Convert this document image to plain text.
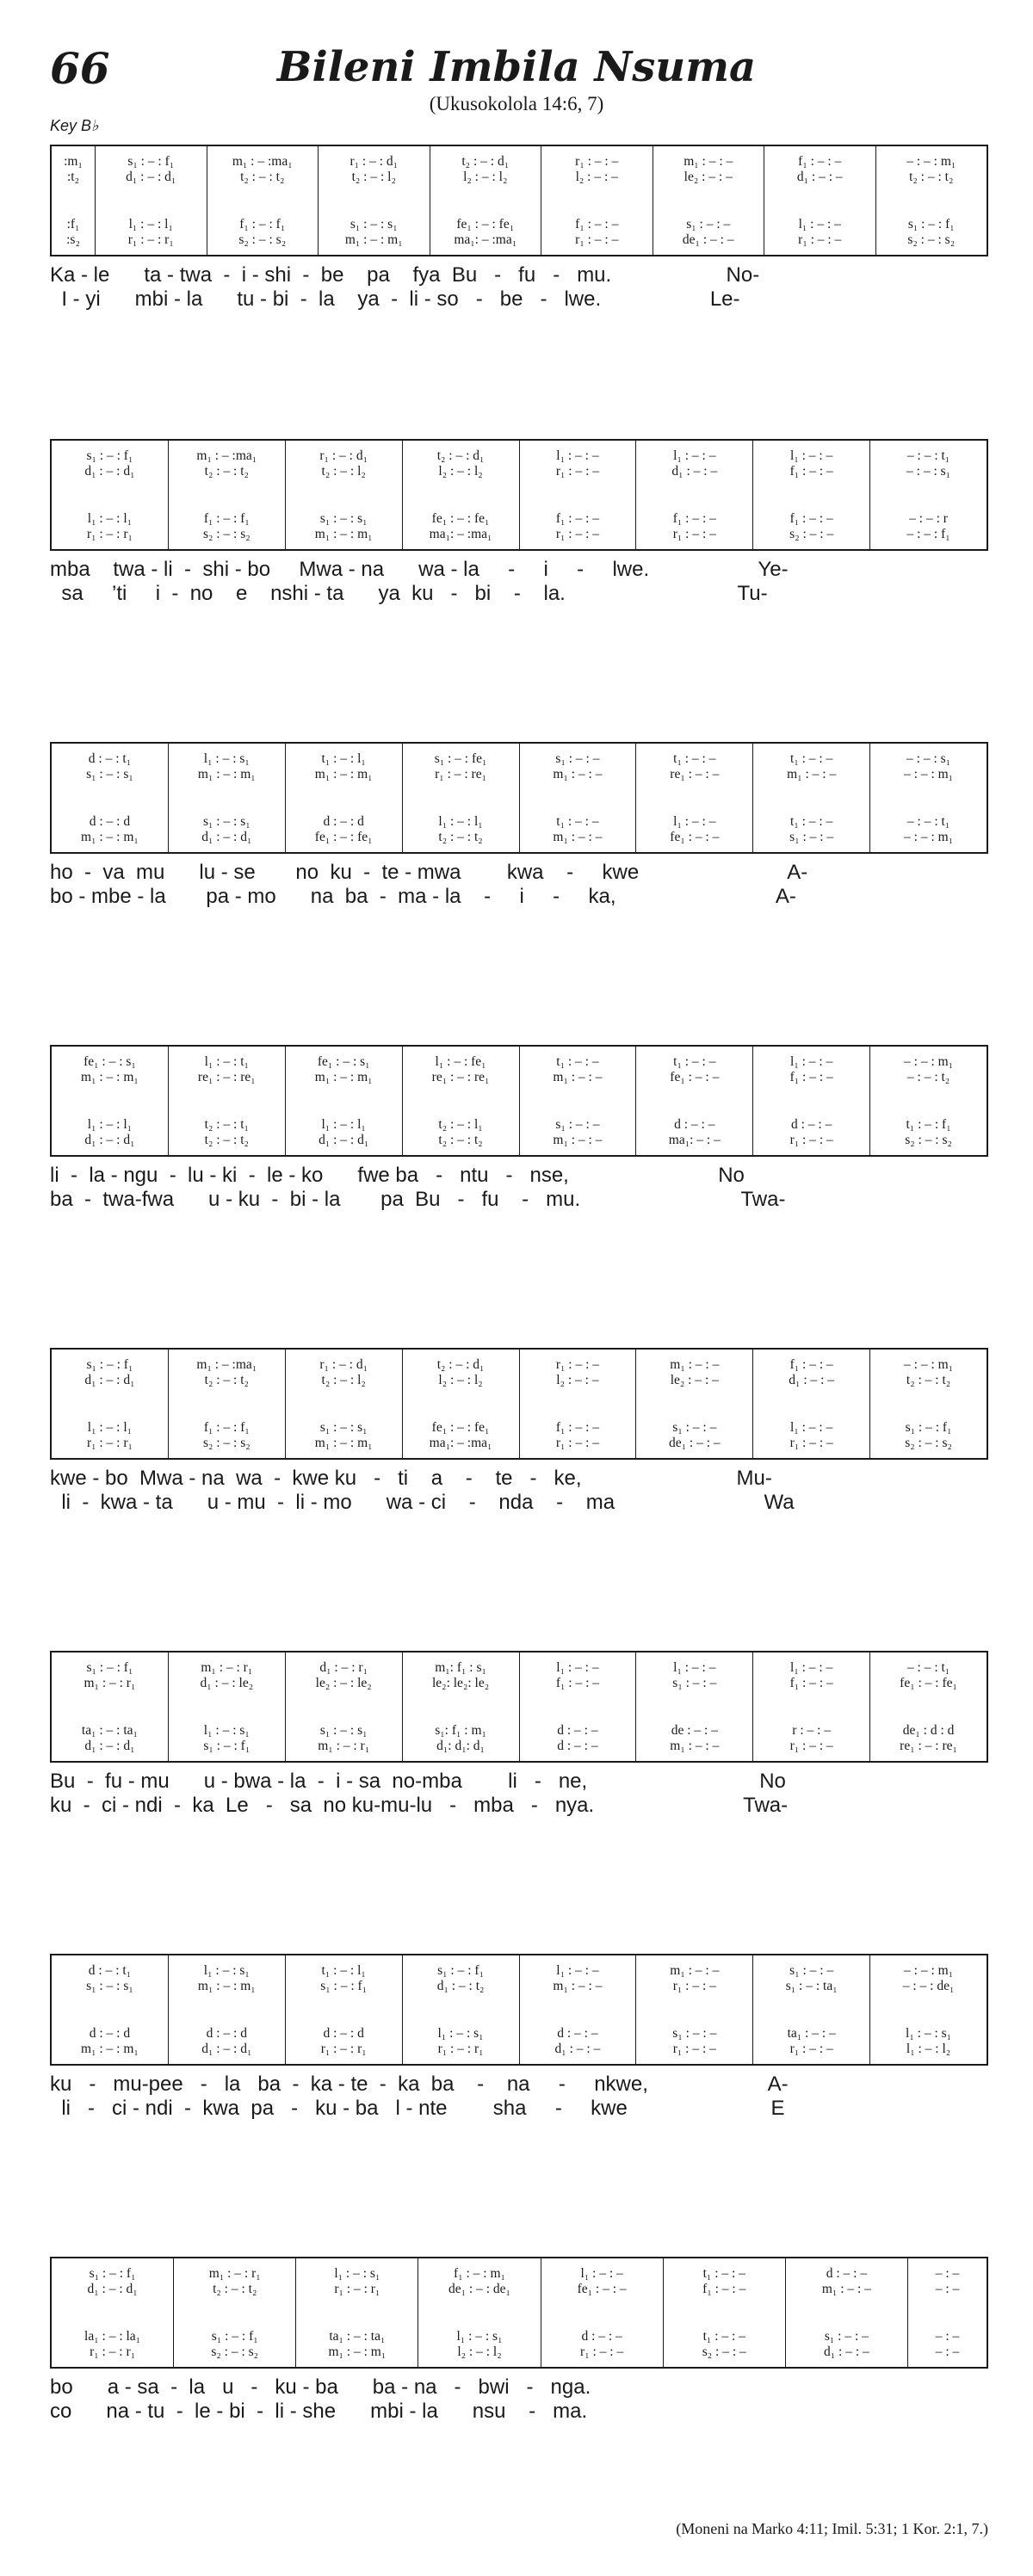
66	Bileni Imbila Nsuma
(Ukusokolola 14:6, 7)
Key B♭
:m₁
:t₂
:f₁
:s₂
s₁ : – : f₁
d₁ : – : d₁
l₁ : – : l₁
r₁ : – : r₁
m₁ : – :ma₁
t₂ : – : t₂
f₁ : – : f₁
s₂ : – : s₂
r₁ : – : d₁
t₂ : – : l₂
s₁ : – : s₁
m₁ : – : m₁
t₂ : – : d₁
l₂ : – : l₂
fe₁ : – : fe₁
ma₁: – :ma₁
r₁ : – : –
l₂ : – : –
f₁ : – : –
r₁ : – : –
m₁ : – : –
le₂ : – : –
s₁ : – : –
de₁ : – : –
f₁ : – : –
d₁ : – : –
l₁ : – : –
r₁ : – : –
– : – : m₁
t₂ : – : t₂
s₁ : – : f₁
s₂ : – : s₂
Ka - le      ta - twa  -  i - shi  -  be    pa    fya  Bu   -   fu   -   mu.                    No-
I - yi      mbi - la      tu - bi  -  la    ya  -  li - so   -   be   -   lwe.                   Le-
s₁ : – : f₁
d₁ : – : d₁
l₁ : – : l₁
r₁ : – : r₁
m₁ : – :ma₁
t₂ : – : t₂
f₁ : – : f₁
s₂ : – : s₂
r₁ : – : d₁
t₂ : – : l₂
s₁ : – : s₁
m₁ : – : m₁
t₂ : – : d₁
l₂ : – : l₂
fe₁ : – : fe₁
ma₁: – :ma₁
l₁ : – : –
r₁ : – : –
f₁ : – : –
r₁ : – : –
l₁ : – : –
d₁ : – : –
f₁ : – : –
r₁ : – : –
l₁ : – : –
f₁ : – : –
f₁ : – : –
s₂ : – : –
– : – : t₁
– : – : s₁
– : – : r
– : – : f₁
mba    twa - li  -  shi - bo     Mwa - na      wa - la     -     i     -     lwe.                   Ye-
sa     ’ti     i  -  no    e    nshi - ta      ya  ku   -   bi    -    la.                              Tu-
d : – : t₁
s₁ : – : s₁
d : – : d
m₁ : – : m₁
l₁ : – : s₁
m₁ : – : m₁
s₁ : – : s₁
d₁ : – : d₁
t₁ : – : l₁
m₁ : – : m₁
d : – : d
fe₁ : – : fe₁
s₁ : – : fe₁
r₁ : – : re₁
l₁ : – : l₁
t₂ : – : t₂
s₁ : – : –
m₁ : – : –
t₁ : – : –
m₁ : – : –
t₁ : – : –
re₁ : – : –
l₁ : – : –
fe₁ : – : –
t₁ : – : –
m₁ : – : –
t₁ : – : –
s₁ : – : –
– : – : s₁
– : – : m₁
– : – : t₁
– : – : m₁
ho  -  va  mu      lu - se       no  ku  -  te - mwa        kwa    -     kwe                          A-
bo - mbe - la       pa - mo      na  ba  -  ma - la    -     i     -     ka,                            A-
fe₁ : – : s₁
m₁ : – : m₁
l₁ : – : l₁
d₁ : – : d₁
l₁ : – : t₁
re₁ : – : re₁
t₂ : – : t₁
t₂ : – : t₂
fe₁ : – : s₁
m₁ : – : m₁
l₁ : – : l₁
d₁ : – : d₁
l₁ : – : fe₁
re₁ : – : re₁
t₂ : – : l₁
t₂ : – : t₂
t₁ : – : –
m₁ : – : –
s₁ : – : –
m₁ : – : –
t₁ : – : –
fe₁ : – : –
d : – : –
ma₁: – : –
l₁ : – : –
f₁ : – : –
d : – : –
r₁ : – : –
– : – : m₁
– : – : t₂
t₁ : – : f₁
s₂ : – : s₂
li  -  la - ngu  -  lu - ki  -  le - ko      fwe ba   -   ntu   -   nse,                          No
ba  -  twa-fwa      u - ku  -  bi - la       pa  Bu   -   fu    -   mu.                            Twa-
s₁ : – : f₁
d₁ : – : d₁
l₁ : – : l₁
r₁ : – : r₁
m₁ : – :ma₁
t₂ : – : t₂
f₁ : – : f₁
s₂ : – : s₂
r₁ : – : d₁
t₂ : – : l₂
s₁ : – : s₁
m₁ : – : m₁
t₂ : – : d₁
l₂ : – : l₂
fe₁ : – : fe₁
ma₁: – :ma₁
r₁ : – : –
l₂ : – : –
f₁ : – : –
r₁ : – : –
m₁ : – : –
le₂ : – : –
s₁ : – : –
de₁ : – : –
f₁ : – : –
d₁ : – : –
l₁ : – : –
r₁ : – : –
– : – : m₁
t₂ : – : t₂
s₁ : – : f₁
s₂ : – : s₂
kwe - bo  Mwa - na  wa  -  kwe ku   -   ti    a    -    te   -   ke,                           Mu-
li  -  kwa - ta      u - mu  -  li - mo      wa - ci    -    nda    -    ma                          Wa
s₁ : – : f₁
m₁ : – : r₁
ta₁ : – : ta₁
d₁ : – : d₁
m₁ : – : r₁
d₁ : – : le₂
l₁ : – : s₁
s₁ : – : f₁
d₁ : – : r₁
le₂ : – : le₂
s₁ : – : s₁
m₁ : – : r₁
m₁: f₁ : s₁
le₂: le₂: le₂
s₁: f₁ : m₁
d₁: d₁: d₁
l₁ : – : –
f₁ : – : –
d : – : –
d : – : –
l₁ : – : –
s₁ : – : –
de : – : –
m₁ : – : –
l₁ : – : –
f₁ : – : –
r : – : –
r₁ : – : –
– : – : t₁
fe₁ : – : fe₁
de₁ : d : d
re₁ : – : re₁
Bu  -  fu - mu      u - bwa - la  -  i - sa  no-mba        li   -   ne,                              No
ku  -  ci - ndi  -  ka  Le   -   sa  no ku-mu-lu   -   mba   -   nya.                          Twa-
d : – : t₁
s₁ : – : s₁
d : – : d
m₁ : – : m₁
l₁ : – : s₁
m₁ : – : m₁
d : – : d
d₁ : – : d₁
t₁ : – : l₁
s₁ : – : f₁
d : – : d
r₁ : – : r₁
s₁ : – : f₁
d₁ : – : t₂
l₁ : – : s₁
r₁ : – : r₁
l₁ : – : –
m₁ : – : –
d : – : –
d₁ : – : –
m₁ : – : –
r₁ : – : –
s₁ : – : –
r₁ : – : –
s₁ : – : –
s₁ : – : ta₁
ta₁ : – : –
r₁ : – : –
– : – : m₁
– : – : de₁
l₁ : – : s₁
l₁ : – : l₂
ku   -   mu-pee   -   la   ba  -  ka - te  -  ka  ba    -    na     -     nkwe,                     A-
li   -   ci - ndi  -  kwa  pa   -   ku - ba   l - nte        sha     -     kwe                         E
s₁ : – : f₁
d₁ : – : d₁
la₁ : – : la₁
r₁ : – : r₁
m₁ : – : r₁
t₂ : – : t₂
s₁ : – : f₁
s₂ : – : s₂
l₁ : – : s₁
r₁ : – : r₁
ta₁ : – : ta₁
m₁ : – : m₁
f₁ : – : m₁
de₁ : – : de₁
l₁ : – : s₁
l₂ : – : l₂
l₁ : – : –
fe₁ : – : –
d : – : –
r₁ : – : –
t₁ : – : –
f₁ : – : –
t₁ : – : –
s₂ : – : –
d : – : –
m₁ : – : –
s₁ : – : –
d₁ : – : –
– : –
– : –
– : –
– : –
bo      a - sa  -  la   u   -   ku - ba      ba - na   -   bwi   -   nga.
co      na - tu  -  le - bi  -  li - she      mbi - la      nsu    -   ma.
(Moneni na Marko 4:11; Imil. 5:31; 1 Kor. 2:1, 7.)
